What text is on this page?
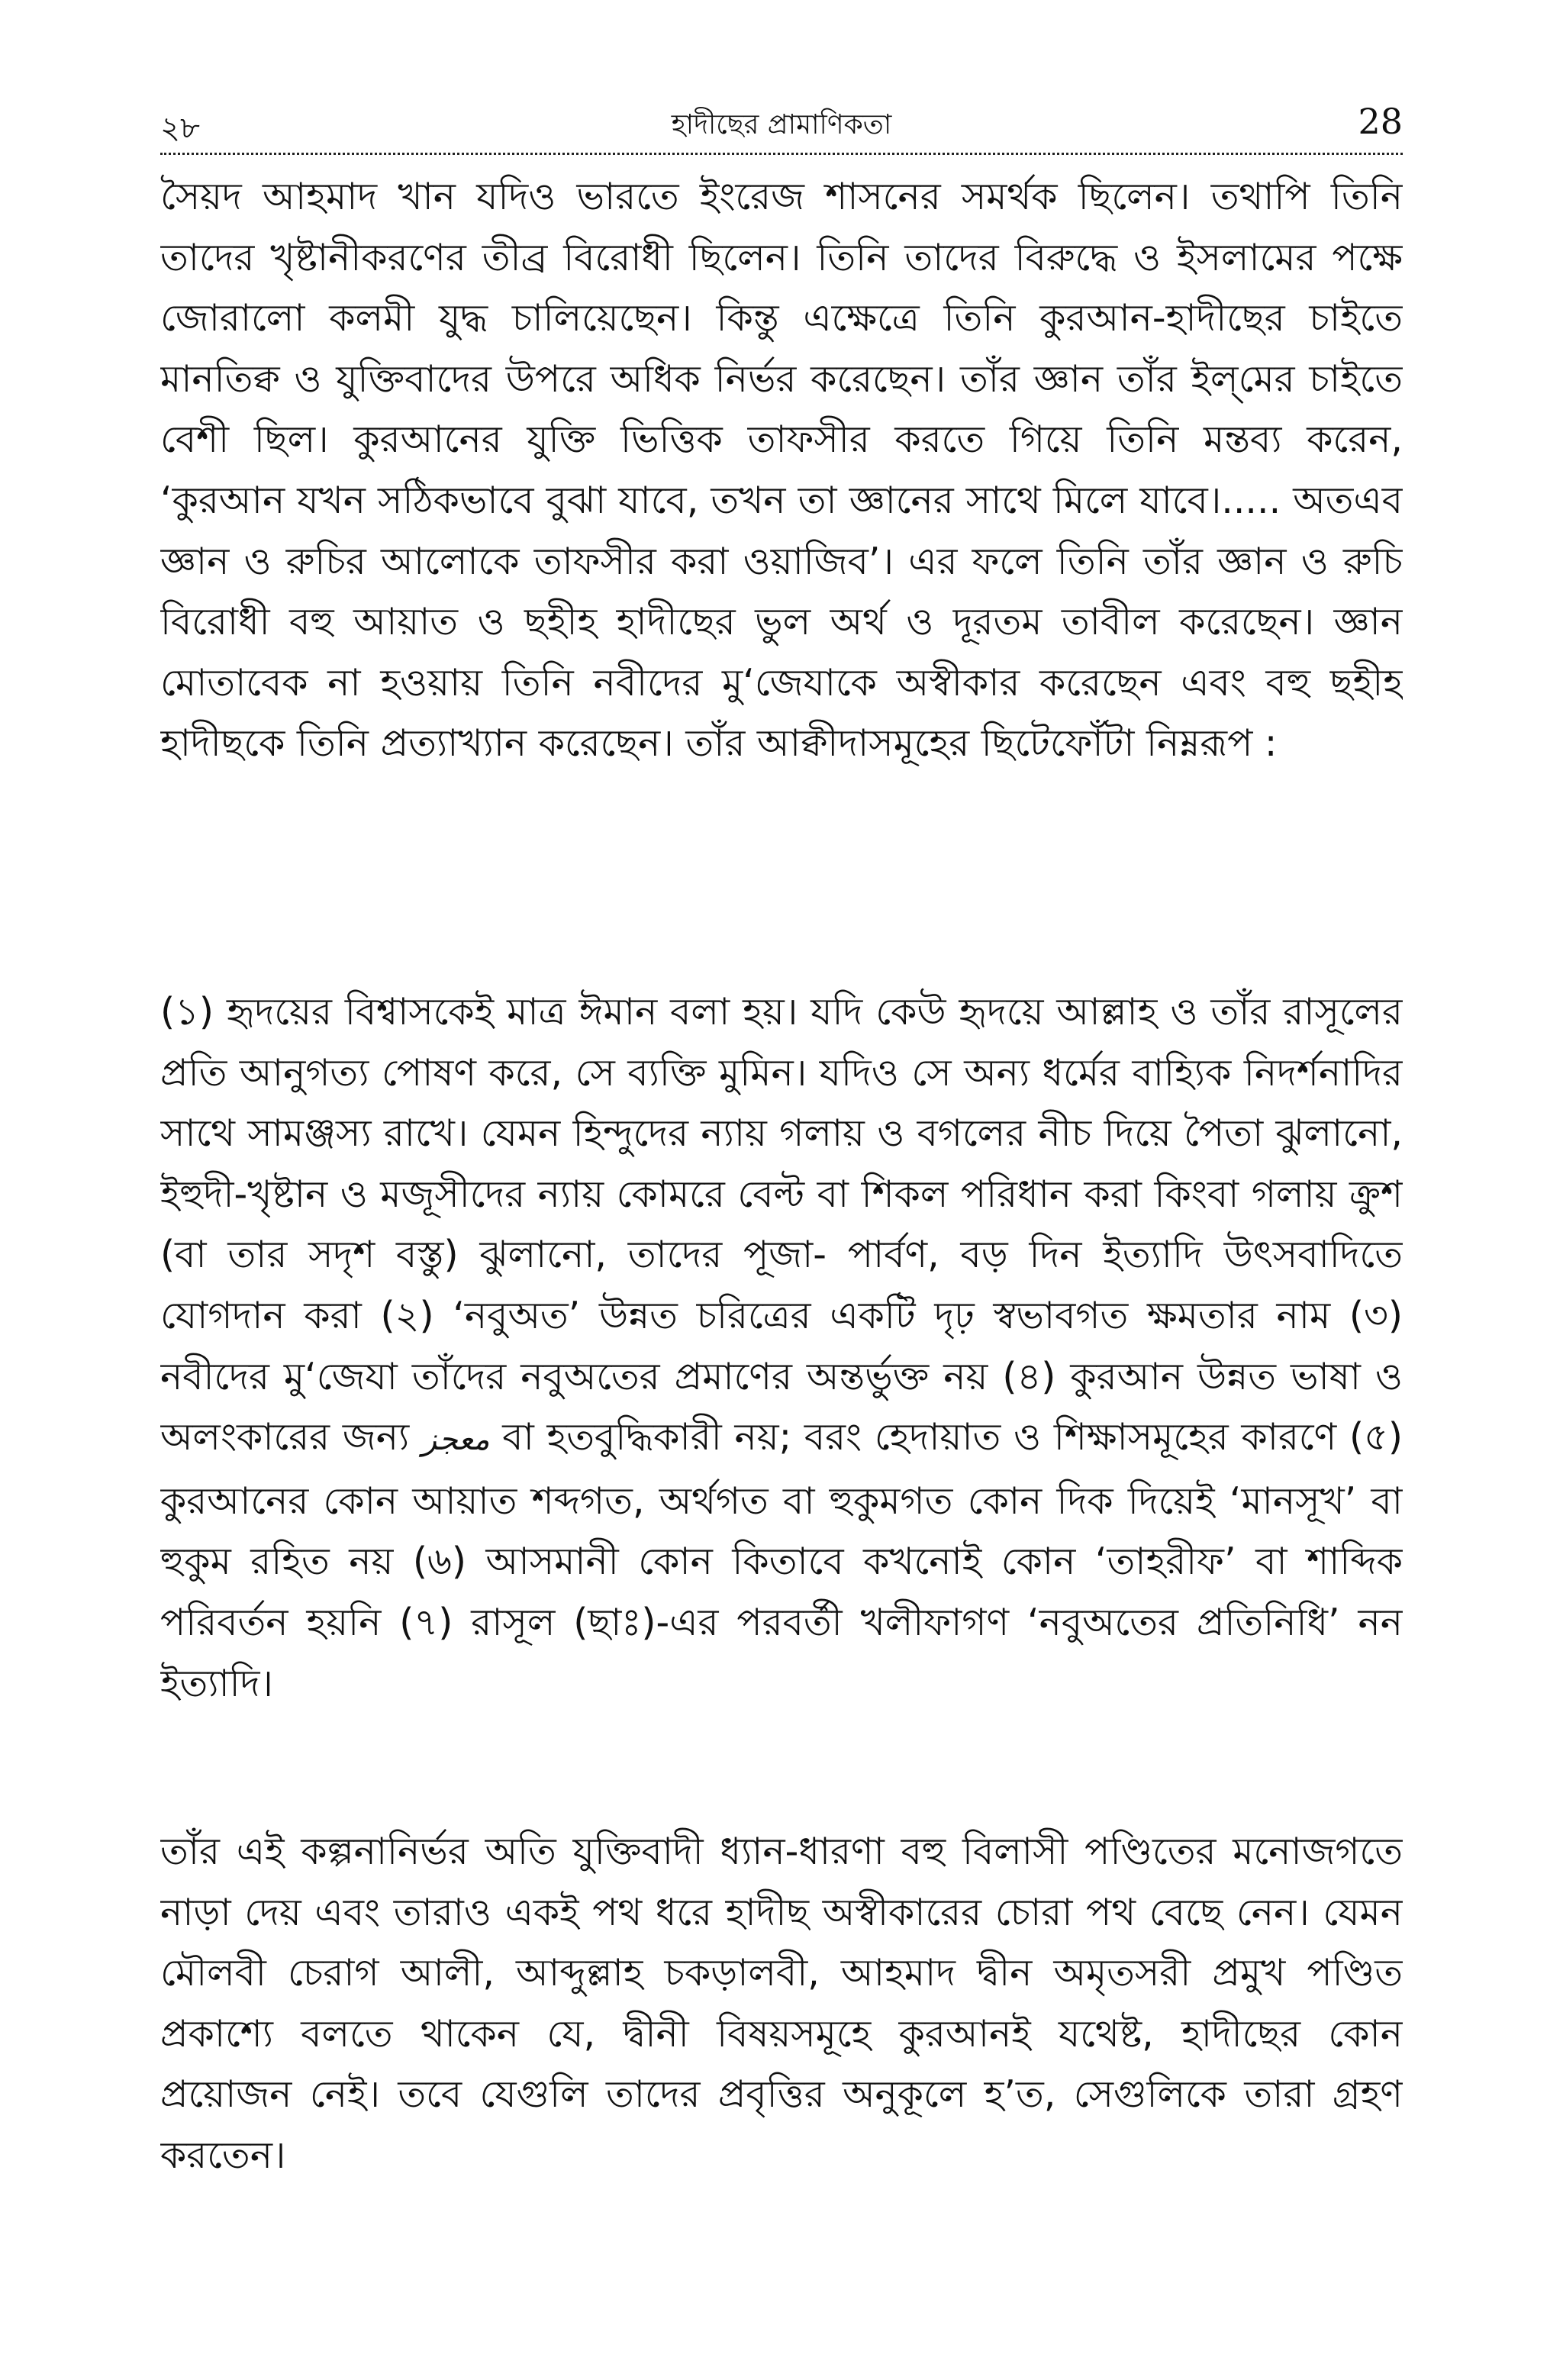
২৮	হাদীছের প্রামাণিকতা	28

সৈয়দ আহমাদ খান যদিও ভারতে ইংরেজ শাসনের সমর্থক ছিলেন। তথাপি তিনি তাদের খৃষ্টানীকরণের তীব্র বিরোধী ছিলেন। তিনি তাদের বিরুদ্ধে ও ইসলামের পক্ষে জোরালো কলমী যুদ্ধ চালিয়েছেন। কিন্তু এক্ষেত্রে তিনি কুরআন-হাদীছের চাইতে মানতিক্ব ও যুক্তিবাদের উপরে অধিক নির্ভর করেছেন। তাঁর জ্ঞান তাঁর ইল্‌মের চাইতে বেশী ছিল। কুরআনের যুক্তি ভিত্তিক তাফসীর করতে গিয়ে তিনি মন্তব্য করেন, ‘কুরআন যখন সঠিকভাবে বুঝা যাবে, তখন তা জ্ঞানের সাথে মিলে যাবে।..... অতএব জ্ঞান ও রুচির আলোকে তাফসীর করা ওয়াজিব’। এর ফলে তিনি তাঁর জ্ঞান ও রুচি বিরোধী বহু আয়াত ও ছহীহ হাদীছের ভুল অর্থ ও দূরতম তাবীল করেছেন। জ্ঞান মোতাবেক না হওয়ায় তিনি নবীদের মু‘জেযাকে অস্বীকার করেছেন এবং বহু ছহীহ হাদীছকে তিনি প্রত্যাখ্যান করেছেন। তাঁর আক্বীদাসমূহের ছিটেফোঁটা নিম্নরূপ :

(১) হৃদয়ের বিশ্বাসকেই মাত্র ঈমান বলা হয়। যদি কেউ হৃদয়ে আল্লাহ ও তাঁর রাসূলের প্রতি আনুগত্য পোষণ করে, সে ব্যক্তি মুমিন। যদিও সে অন্য ধর্মের বাহ্যিক নিদর্শনাদির সাথে সামঞ্জস্য রাখে। যেমন হিন্দুদের ন্যায় গলায় ও বগলের নীচ দিয়ে পৈতা ঝুলানো, ইহুদী-খৃষ্টান ও মজূসীদের ন্যায় কোমরে বেল্ট বা শিকল পরিধান করা কিংবা গলায় ক্রুশ (বা তার সদৃশ বস্তু) ঝুলানো, তাদের পূজা- পার্বণ, বড় দিন ইত্যাদি উৎসবাদিতে যোগদান করা (২) ‘নবুঅত’ উন্নত চরিত্রের একটি দৃঢ় স্বভাবগত ক্ষমতার নাম (৩) নবীদের মু‘জেযা তাঁদের নবুঅতের প্রমাণের অন্তর্ভুক্ত নয় (৪) কুরআন উন্নত ভাষা ও অলংকারের জন্য معجز বা হতবুদ্ধিকারী নয়; বরং হেদায়াত ও শিক্ষাসমূহের কারণে (৫) কুরআনের কোন আয়াত শব্দগত, অর্থগত বা হুকুমগত কোন দিক দিয়েই ‘মানসূখ’ বা হুকুম রহিত নয় (৬) আসমানী কোন কিতাবে কখনোই কোন ‘তাহরীফ’ বা শাব্দিক পরিবর্তন হয়নি (৭) রাসূল (ছাঃ)-এর পরবর্তী খলীফাগণ ‘নবুঅতের প্রতিনিধি’ নন ইত্যাদি।

তাঁর এই কল্পনানির্ভর অতি যুক্তিবাদী ধ্যান-ধারণা বহু বিলাসী পণ্ডিতের মনোজগতে নাড়া দেয় এবং তারাও একই পথ ধরে হাদীছ অস্বীকারের চোরা পথ বেছে নেন। যেমন মৌলবী চেরাগ আলী, আব্দুল্লাহ চকড়ালবী, আহমাদ দ্বীন অমৃতসরী প্রমুখ পণ্ডিত প্রকাশ্যে বলতে থাকেন যে, দ্বীনী বিষয়সমূহে কুরআনই যথেষ্ট, হাদীছের কোন প্রয়োজন নেই। তবে যেগুলি তাদের প্রবৃত্তির অনুকূলে হ’ত, সেগুলিকে তারা গ্রহণ করতেন।
